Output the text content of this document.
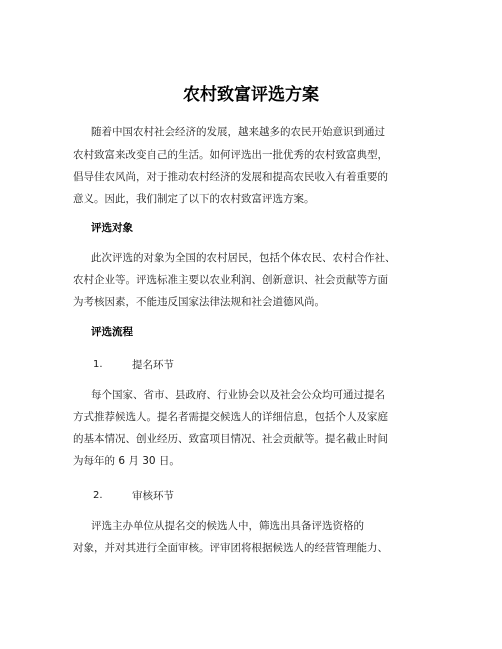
农村致富评选方案
随着中国农村社会经济的发展，越来越多的农民开始意识到通过
农村致富来改变自己的生活。如何评选出一批优秀的农村致富典型，
倡导佳农风尚，对于推动农村经济的发展和提高农民收入有着重要的
意义。因此，我们制定了以下的农村致富评选方案。
评选对象
此次评选的对象为全国的农村居民，包括个体农民、农村合作社、
农村企业等。评选标准主要以农业利润、创新意识、社会贡献等方面
为考核因素，不能违反国家法律法规和社会道德风尚。
评选流程
1.	提名环节
每个国家、省市、县政府、行业协会以及社会公众均可通过提名
方式推荐候选人。提名者需提交候选人的详细信息，包括个人及家庭
的基本情况、创业经历、致富项目情况、社会贡献等。提名截止时间
为每年的 6 月 30 日。
2.	审核环节
评选主办单位从提名交的候选人中，筛选出具备评选资格的
对象，并对其进行全面审核。评审团将根据候选人的经营管理能力、
